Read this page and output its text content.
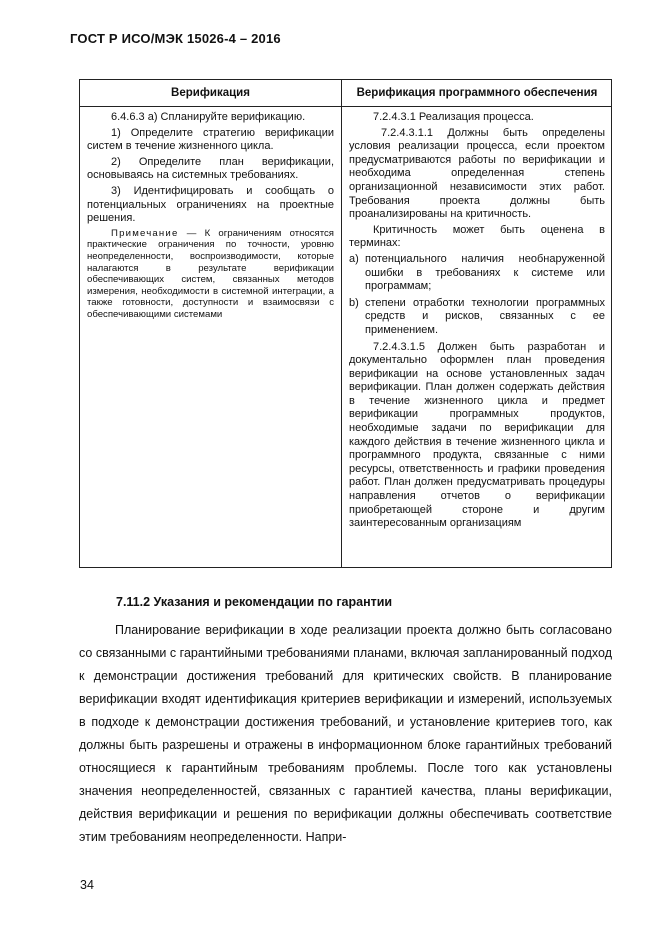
ГОСТ Р ИСО/МЭК 15026-4 – 2016
Верификация	Верификация программного обеспечения

6.4.6.3 а) Спланируйте верификацию.

1) Определите стратегию верификации систем в течение жизненного цикла.

2) Определите план верификации, основываясь на системных требованиях.

3) Идентифицировать и сообщать о потенциальных ограничениях на проектные решения.

Примечание — К ограничениям относятся практические ограничения по точности, уровню неопределенности, воспроизводимости, которые налагаются в результате верификации обеспечивающих систем, связанных методов измерения, необходимости в системной интеграции, а также готовности, доступности и взаимосвязи с обеспечивающими системами

7.2.4.3.1 Реализация процесса.

7.2.4.3.1.1 Должны быть определены условия реализации процесса, если проектом предусматриваются работы по верификации и необходима определенная степень организационной независимости этих работ. Требования проекта должны быть проанализированы на критичность.

Критичность может быть оценена в терминах:

a) потенциального наличия необнаруженной ошибки в требованиях к системе или программам;

b) степени отработки технологии программных средств и рисков, связанных с ее применением.

7.2.4.3.1.5 Должен быть разработан и документально оформлен план проведения верификации на основе установленных задач верификации. План должен содержать действия в течение жизненного цикла и предмет верификации программных продуктов, необходимые задачи по верификации для каждого действия в течение жизненного цикла и программного продукта, связанные с ними ресурсы, ответственность и графики проведения работ. План должен предусматривать процедуры направления отчетов о верификации приобретающей стороне и другим заинтересованным организациям

7.11.2 Указания и рекомендации по гарантии

Планирование верификации в ходе реализации проекта должно быть согласовано со связанными с гарантийными требованиями планами, включая запланированный подход к демонстрации достижения требований для критических свойств. В планирование верификации входят идентификация критериев верификации и измерений, используемых в подходе к демонстрации достижения требований, и установление критериев того, как должны быть разрешены и отражены в информационном блоке гарантийных требований относящиеся к гарантийным требованиям проблемы. После того как установлены значения неопределенностей, связанных с гарантией качества, планы верификации, действия верификации и решения по верификации должны обеспечивать соответствие этим требованиям неопределенности. Напри-

34
